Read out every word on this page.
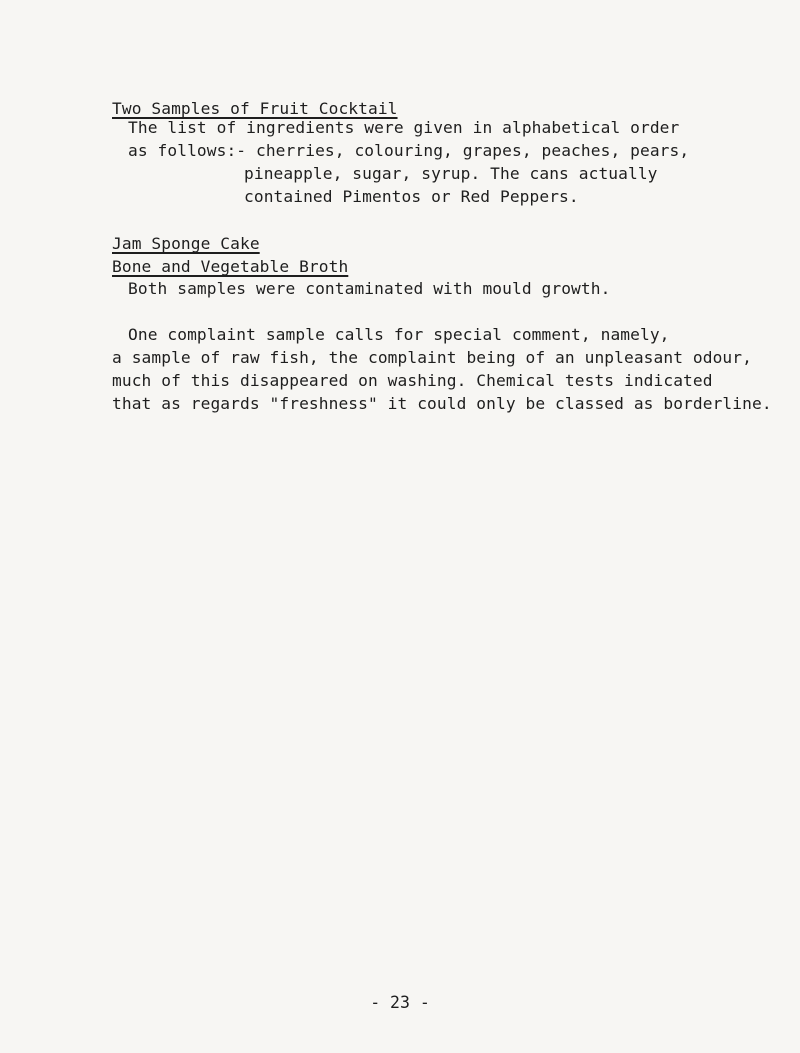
Two Samples of Fruit Cocktail
The list of ingredients were given in alphabetical order
as follows:- cherries, colouring, grapes, peaches, pears,
pineapple, sugar, syrup. The cans actually
contained Pimentos or Red Peppers.
Jam Sponge Cake
Bone and Vegetable Broth
Both samples were contaminated with mould growth.
One complaint sample calls for special comment, namely,
a sample of raw fish, the complaint being of an unpleasant odour,
much of this disappeared on washing. Chemical tests indicated
that as regards "freshness" it could only be classed as borderline.
- 23 -
